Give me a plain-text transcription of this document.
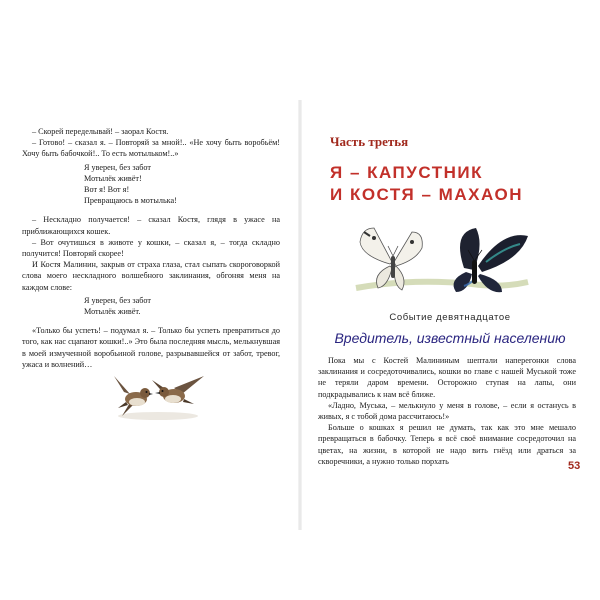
– Скорей переделывай! – заорал Костя.

– Готово! – сказал я. – Повторяй за мной!.. «Не хочу быть воробьём! Хочу быть бабочкой!.. То есть мотыльком!..»

Я уверен, без забот
Мотылёк живёт!
Вот я! Вот я!
Превращаюсь в мотылька!

– Нескладно получается! – сказал Костя, глядя в ужасе на приближающихся кошек.

– Вот очутишься в животе у кошки, – сказал я, – тогда складно получится! Повторяй скорее!

И Костя Малинин, закрыв от страха глаза, стал сыпать скороговоркой слова моего нескладного волшебного заклинания, обгоняя меня на каждом слове:

Я уверен, без забот
Мотылёк живёт.

«Только бы успеть! – подумал я. – Только бы успеть превратиться до того, как нас сцапают кошки!..» Это была последняя мысль, мелькнувшая в моей измученной воробьиной голове, разрывавшейся от забот, тревог, ужаса и волнений…

Часть третья
Я – КАПУСТНИК
И КОСТЯ – МАХАОН

Событие девятнадцатое

Вредитель, известный населению

Пока мы с Костей Малининым шептали наперегонки слова заклинания и сосредоточивались, кошки во главе с нашей Муськой тоже не теряли даром времени. Осторожно ступая на лапы, они подкрадывались к нам всё ближе.

«Ладно, Муська, – мелькнуло у меня в голове, – если я останусь в живых, я с тобой дома рассчитаюсь!»

Больше о кошках я решил не думать, так как это мне мешало превращаться в бабочку. Теперь я всё своё внимание сосредоточил на цветах, на жизни, в которой не надо вить гнёзд или драться за скворечники, а нужно только порхать	53
